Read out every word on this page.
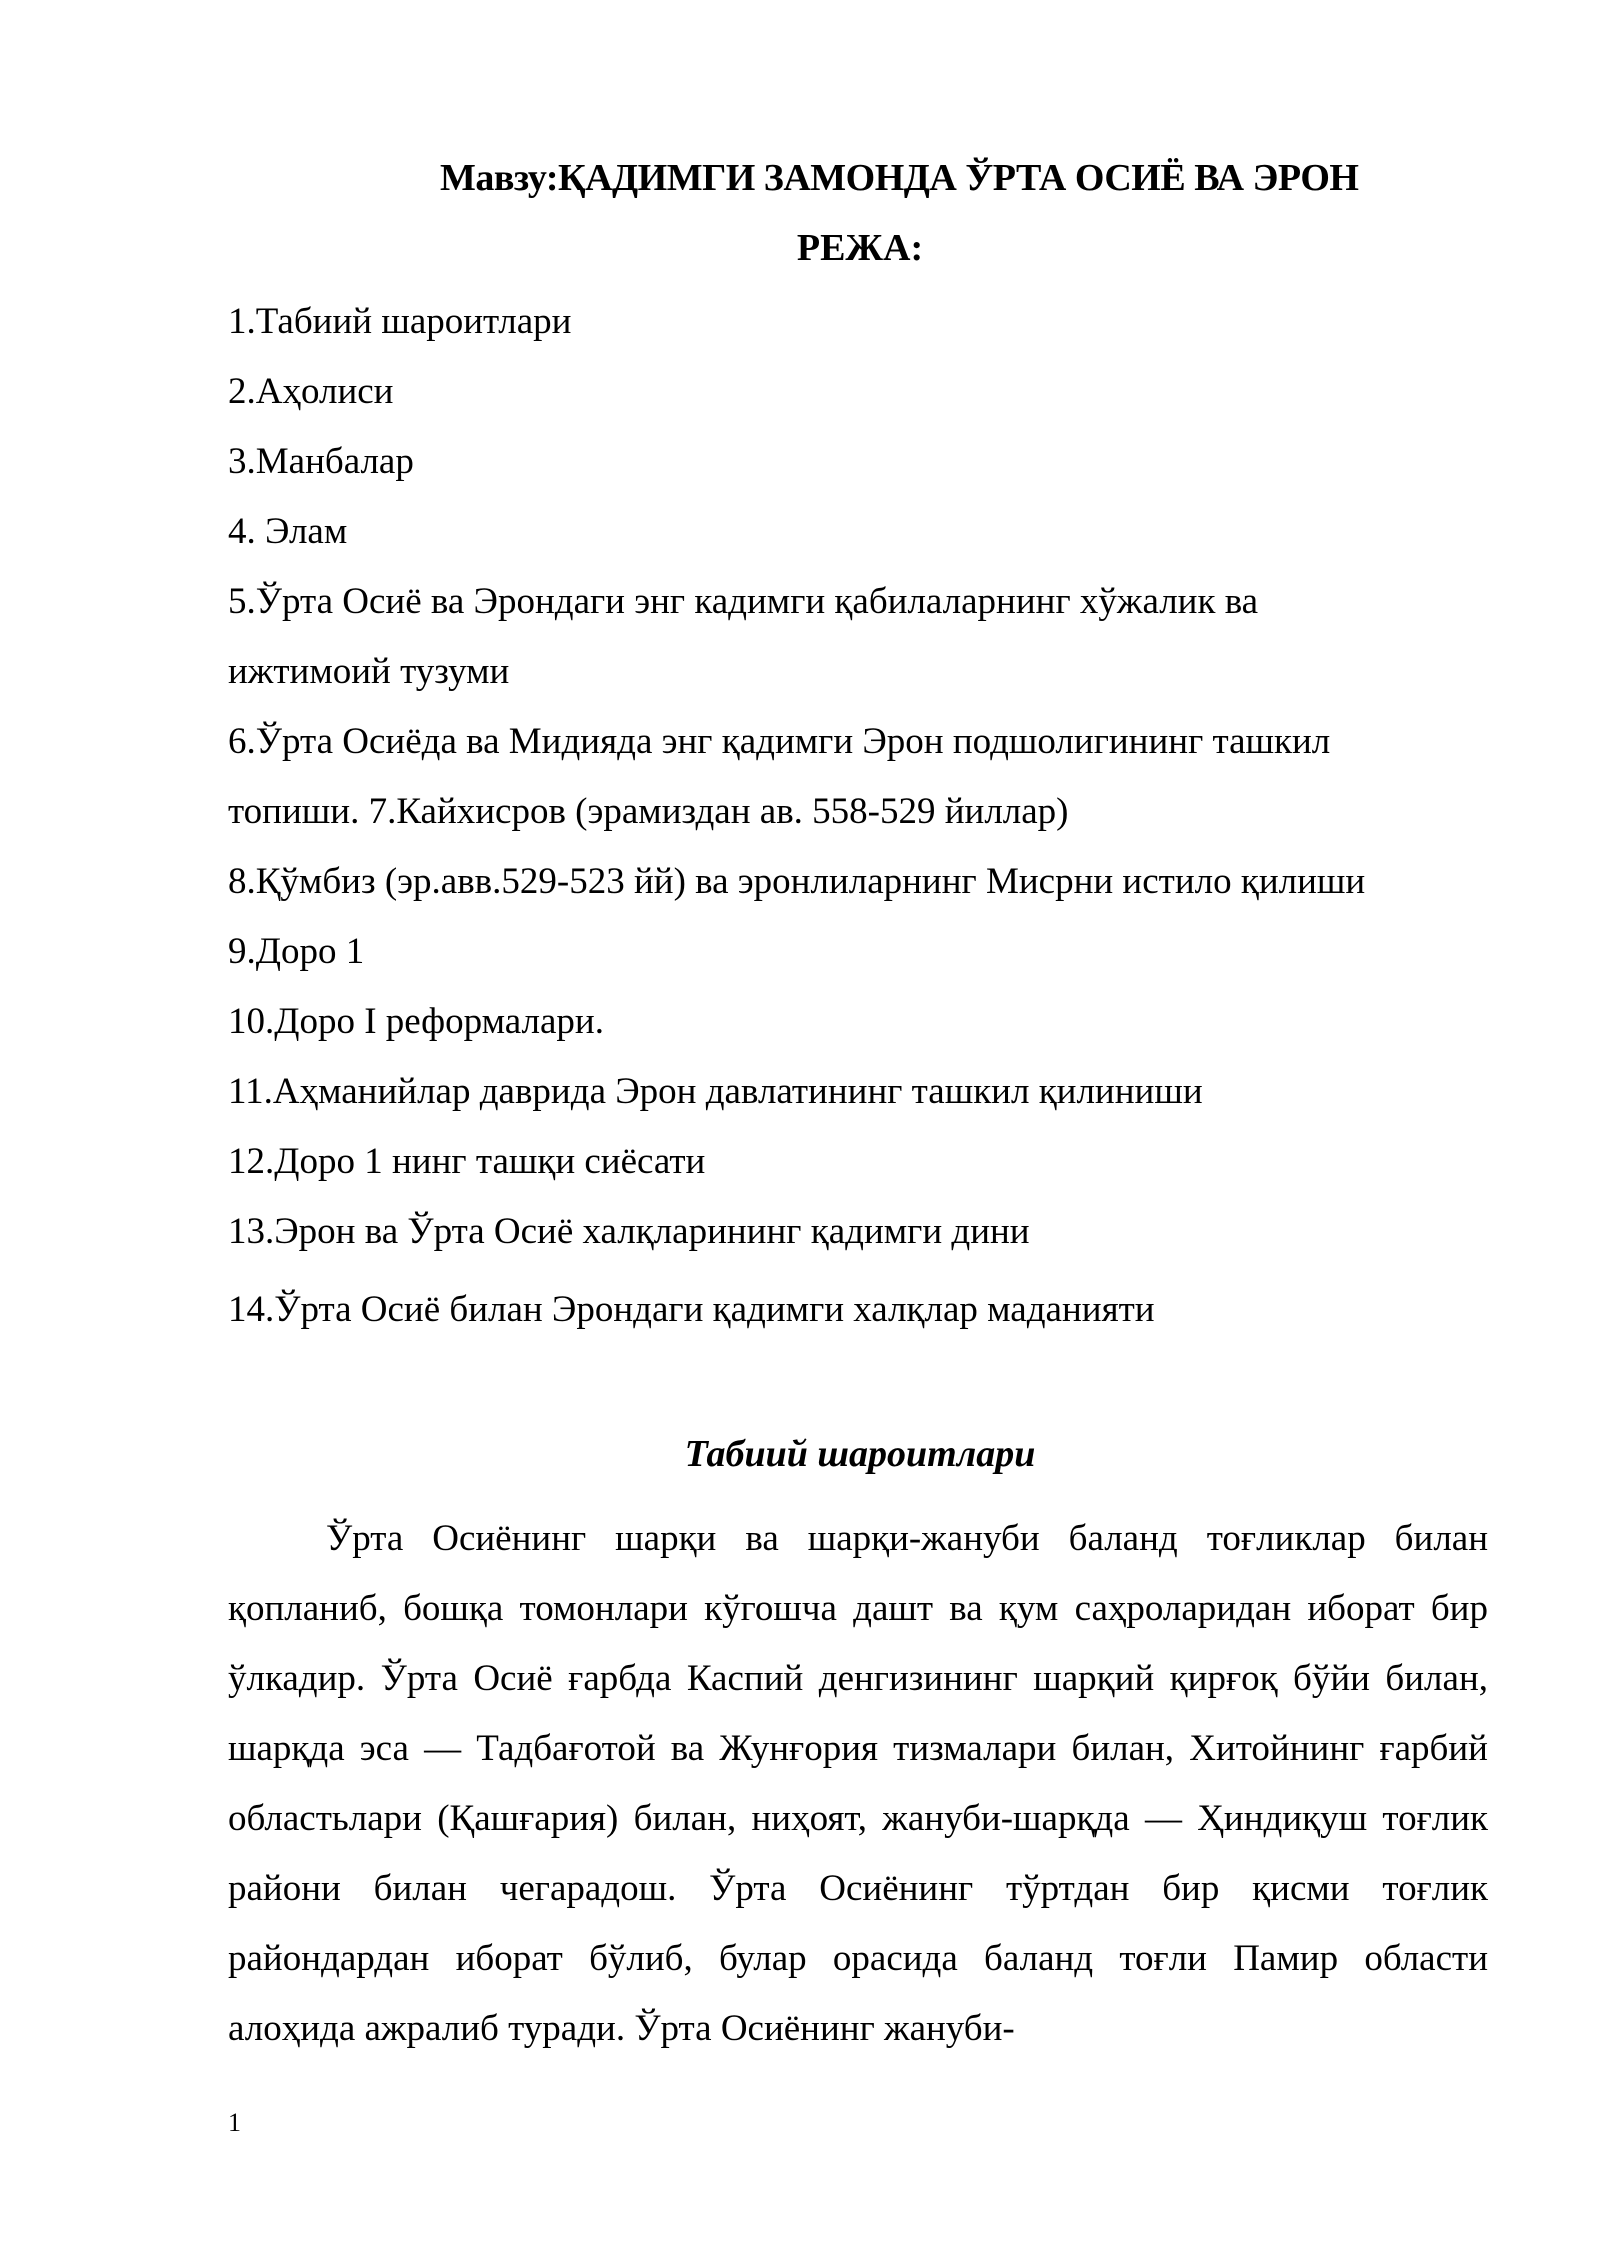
Мавзу:ҚАДИМГИ ЗАМОНДА ЎРТА ОСИЁ ВА ЭРОН
РЕЖА:
1.Табиий шароитлари
2.Аҳолиси
3.Манбалар
4. Элам
5.Ўрта Осиё ва Эрондаги энг кадимги қабилаларнинг хўжалик ва
ижтимоий тузуми
6.Ўрта Осиёда ва Мидияда энг қадимги Эрон подшолигининг ташкил
топиши. 7.Кайхисров (эрамиздан ав. 558-529 йиллар)
8.Қўмбиз (эр.авв.529-523 йй) ва эронлиларнинг Мисрни истило қилиши
9.Доро 1
10.Доро I реформалари.
11.Аҳманийлар даврида Эрон давлатининг ташкил қилиниши
12.Доро 1 нинг ташқи сиёсати
13.Эрон ва Ўрта Осиё халқларининг қадимги дини
14.Ўрта Осиё билан Эрондаги қадимги халқлар маданияти
Табиий шароитлари

Ўрта Осиёнинг шарқи ва шарқи-жануби баланд тоғликлар билан қопланиб, бошқа томонлари кўгошча дашт ва қум саҳроларидан иборат бир ўлкадир. Ўрта Осиё ғарбда Каспий денгизининг шарқий қирғоқ бўйи билан, шарқда эса — Тадбағотой ва Жунғория тизмалари билан, Хитойнинг ғарбий областьлари (Қашғария) билан, ниҳоят, жануби-шарқда — Ҳиндиқуш тоғлик райони билан чегарадош. Ўрта Осиёнинг тўртдан бир қисми тоғлик райондардан иборат бўлиб, булар орасида баланд тоғли Памир области алоҳида ажралиб туради. Ўрта Осиёнинг жануби-

1
